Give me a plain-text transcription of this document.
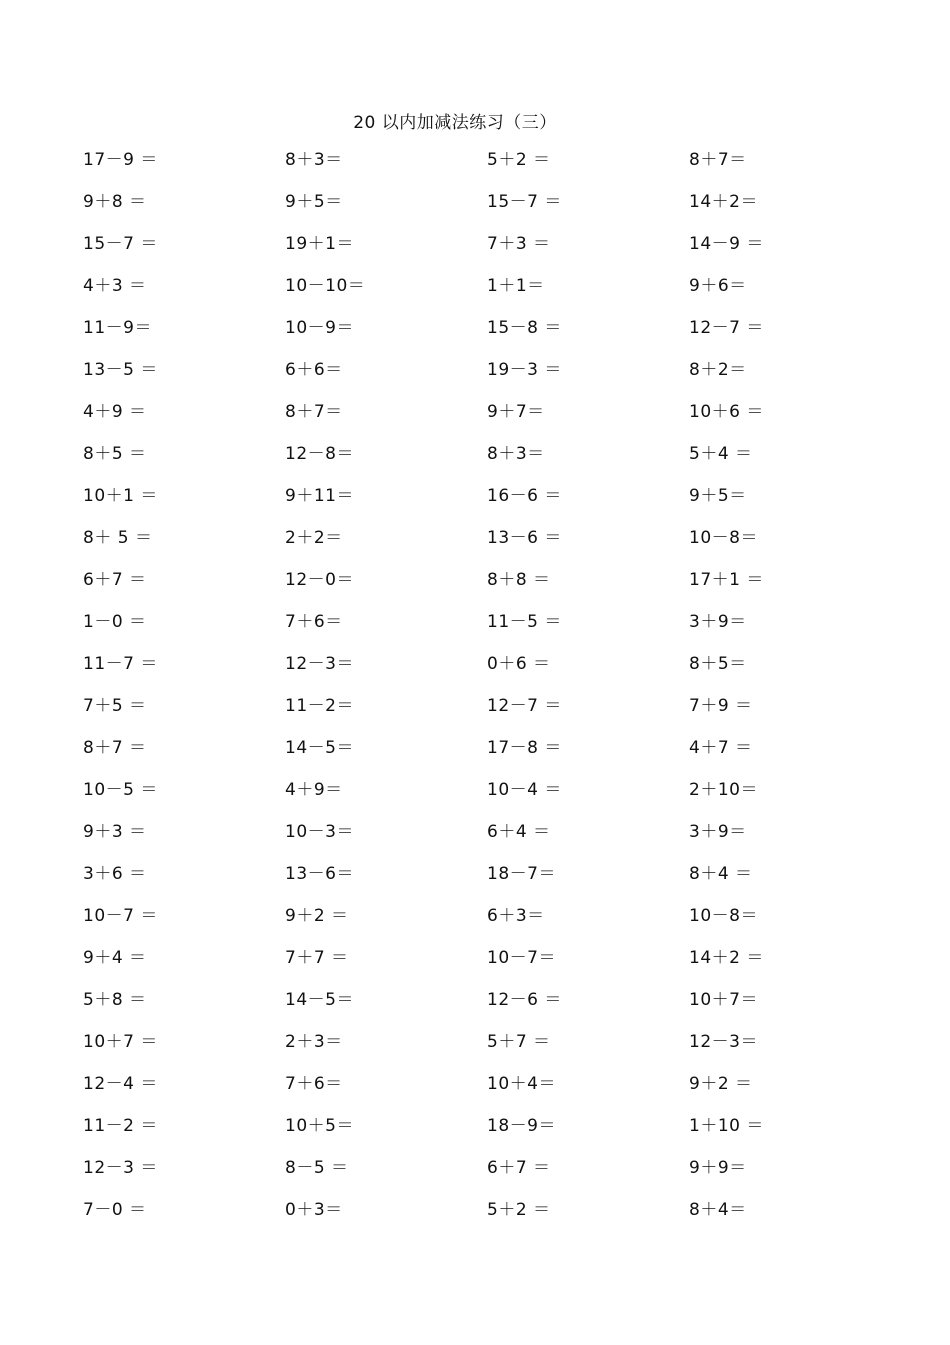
20 以内加减法练习（三）
17－9 ＝	8＋3＝	5＋2 ＝	8＋7＝
9＋8 ＝	9＋5＝	15－7 ＝	14＋2＝
15－7 ＝	19＋1＝	7＋3 ＝	14－9 ＝
4＋3 ＝	10－10＝	1＋1＝	9＋6＝
11－9＝	10－9＝	15－8 ＝	12－7 ＝
13－5 ＝	6＋6＝	19－3 ＝	8＋2＝
4＋9 ＝	8＋7＝	9＋7＝	10＋6 ＝
8＋5 ＝	12－8＝	8＋3＝	5＋4 ＝
10＋1 ＝	9＋11＝	16－6 ＝	9＋5＝
8＋ 5 ＝	2＋2＝	13－6 ＝	10－8＝
6＋7 ＝	12－0＝	8＋8 ＝	17＋1 ＝
1－0 ＝	7＋6＝	11－5 ＝	3＋9＝
11－7 ＝	12－3＝	0＋6 ＝	8＋5＝
7＋5 ＝	11－2＝	12－7 ＝	7＋9 ＝
8＋7 ＝	14－5＝	17－8 ＝	4＋7 ＝
10－5 ＝	4＋9＝	10－4 ＝	2＋10＝
9＋3 ＝	10－3＝	6＋4 ＝	3＋9＝
3＋6 ＝	13－6＝	18－7＝	8＋4 ＝
10－7 ＝	9＋2 ＝	6＋3＝	10－8＝
9＋4 ＝	7＋7 ＝	10－7＝	14＋2 ＝
5＋8 ＝	14－5＝	12－6 ＝	10＋7＝
10＋7 ＝	2＋3＝	5＋7 ＝	12－3＝
12－4 ＝	7＋6＝	10＋4＝	9＋2 ＝
11－2 ＝	10＋5＝	18－9＝	1＋10 ＝
12－3 ＝	8－5 ＝	6＋7 ＝	9＋9＝
7－0 ＝	0＋3＝	5＋2 ＝	8＋4＝
